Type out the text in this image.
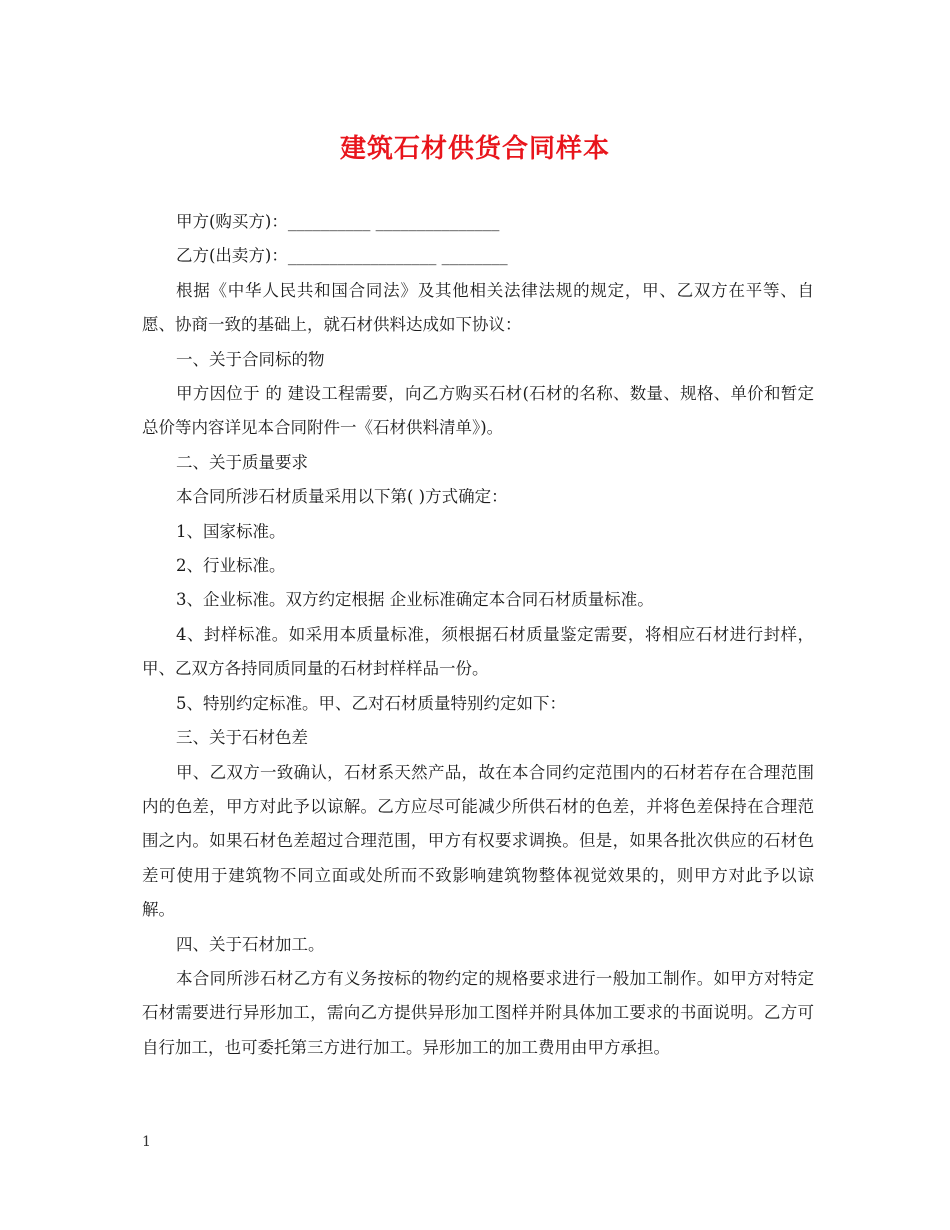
建筑石材供货合同样本

甲方(购买方)：__________ _______________

乙方(出卖方)：__________________ ________

根据《中华人民共和国合同法》及其他相关法律法规的规定，甲、乙双方在平等、自愿、协商一致的基础上，就石材供料达成如下协议：

一、关于合同标的物

甲方因位于 的 建设工程需要，向乙方购买石材(石材的名称、数量、规格、单价和暂定总价等内容详见本合同附件一《石材供料清单》)。

二、关于质量要求

本合同所涉石材质量采用以下第( )方式确定：

1、国家标准。

2、行业标准。

3、企业标准。双方约定根据 企业标准确定本合同石材质量标准。

4、封样标准。如采用本质量标准，须根据石材质量鉴定需要，将相应石材进行封样，甲、乙双方各持同质同量的石材封样样品一份。

5、特别约定标准。甲、乙对石材质量特别约定如下：

三、关于石材色差

甲、乙双方一致确认，石材系天然产品，故在本合同约定范围内的石材若存在合理范围内的色差，甲方对此予以谅解。乙方应尽可能减少所供石材的色差，并将色差保持在合理范围之内。如果石材色差超过合理范围，甲方有权要求调换。但是，如果各批次供应的石材色差可使用于建筑物不同立面或处所而不致影响建筑物整体视觉效果的，则甲方对此予以谅解。

四、关于石材加工。

本合同所涉石材乙方有义务按标的物约定的规格要求进行一般加工制作。如甲方对特定石材需要进行异形加工，需向乙方提供异形加工图样并附具体加工要求的书面说明。乙方可自行加工，也可委托第三方进行加工。异形加工的加工费用由甲方承担。

1
